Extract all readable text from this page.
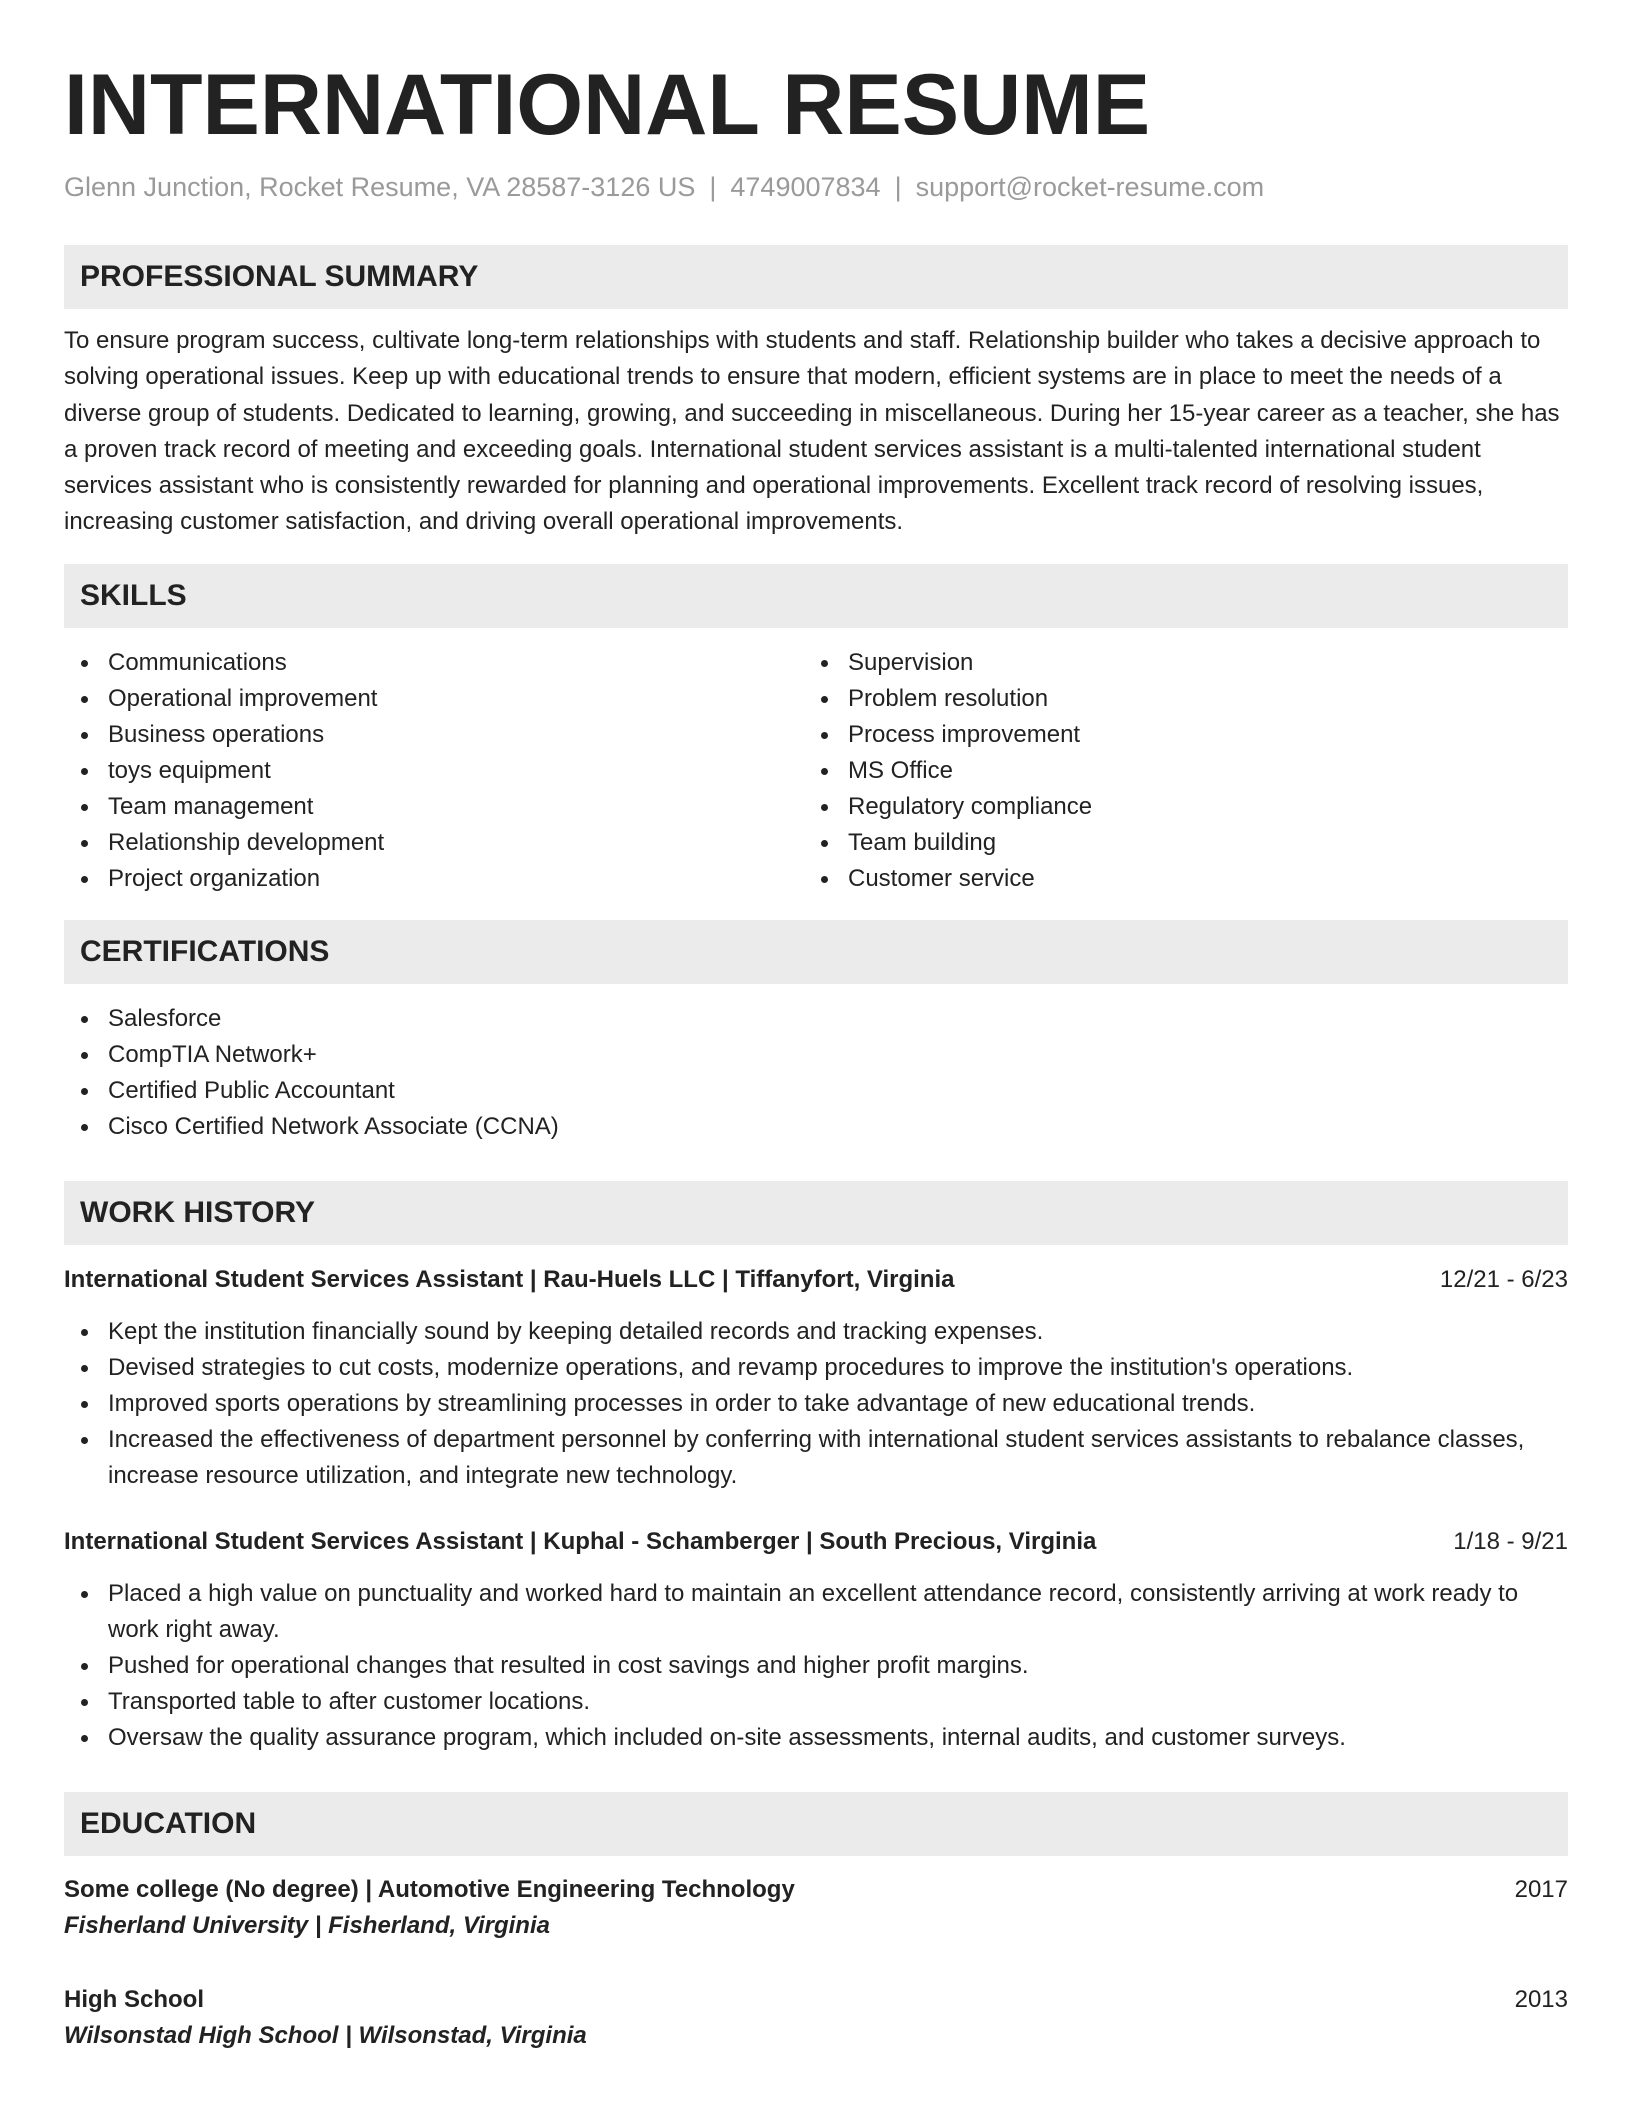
INTERNATIONAL RESUME
Glenn Junction, Rocket Resume, VA 28587-3126 US | 4749007834 | support@rocket-resume.com
PROFESSIONAL SUMMARY

To ensure program success, cultivate long-term relationships with students and staff. Relationship builder who takes a decisive approach to solving operational issues. Keep up with educational trends to ensure that modern, efficient systems are in place to meet the needs of a diverse group of students. Dedicated to learning, growing, and succeeding in miscellaneous. During her 15-year career as a teacher, she has a proven track record of meeting and exceeding goals. International student services assistant is a multi-talented international student services assistant who is consistently rewarded for planning and operational improvements. Excellent track record of resolving issues, increasing customer satisfaction, and driving overall operational improvements.

SKILLS
Communications
Operational improvement
Business operations
toys equipment
Team management
Relationship development
Project organization
Supervision
Problem resolution
Process improvement
MS Office
Regulatory compliance
Team building
Customer service
CERTIFICATIONS
Salesforce
CompTIA Network+
Certified Public Accountant
Cisco Certified Network Associate (CCNA)
WORK HISTORY
International Student Services Assistant | Rau-Huels LLC | Tiffanyfort, Virginia	12/21 - 6/23
Kept the institution financially sound by keeping detailed records and tracking expenses.
Devised strategies to cut costs, modernize operations, and revamp procedures to improve the institution's operations.
Improved sports operations by streamlining processes in order to take advantage of new educational trends.
Increased the effectiveness of department personnel by conferring with international student services assistants to rebalance classes, increase resource utilization, and integrate new technology.
International Student Services Assistant | Kuphal - Schamberger | South Precious, Virginia	1/18 - 9/21
Placed a high value on punctuality and worked hard to maintain an excellent attendance record, consistently arriving at work ready to work right away.
Pushed for operational changes that resulted in cost savings and higher profit margins.
Transported table to after customer locations.
Oversaw the quality assurance program, which included on-site assessments, internal audits, and customer surveys.
EDUCATION
Some college (No degree) | Automotive Engineering Technology	2017
Fisherland University | Fisherland, Virginia
High School	2013
Wilsonstad High School | Wilsonstad, Virginia
